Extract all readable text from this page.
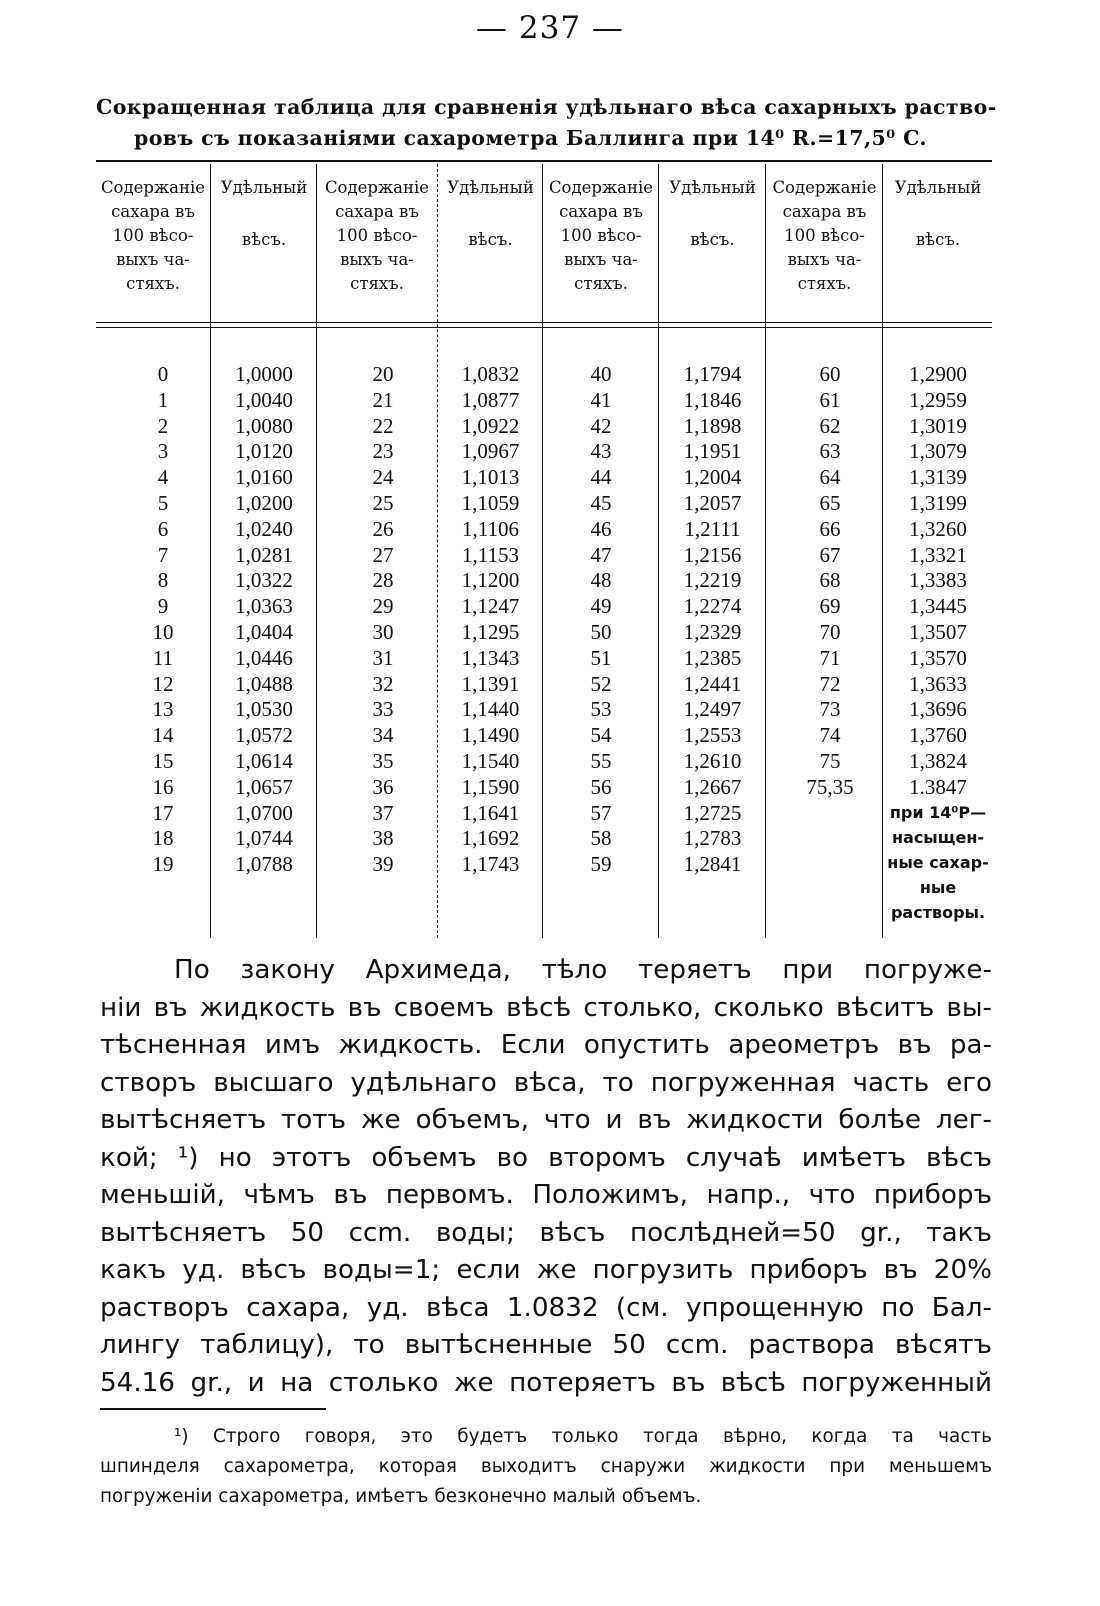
— 237 —
Сокращенная таблица для сравненія удѣльнаго вѣса сахарныхъ раство-
ровъ съ показаніями сахарометра Баллинга при 14⁰ R.=17,5⁰ C.
Содержаніе сахара въ 100 вѣсо- выхъ ча- стяхъ.
Удѣльный
вѣсъ.
Содержаніе сахара въ 100 вѣсо- выхъ ча- стяхъ.
Удѣльный
вѣсъ.
Содержаніе сахара въ 100 вѣсо- выхъ ча- стяхъ.
Удѣльный
вѣсъ.
Содержаніе сахара въ 100 вѣсо- выхъ ча- стяхъ.
Удѣльный
вѣсъ.
0
1
2
3
4
5
6
7
8
9
10
11
12
13
14
15
16
17
18
19
1,0000
1,0040
1,0080
1,0120
1,0160
1,0200
1,0240
1,0281
1,0322
1,0363
1,0404
1,0446
1,0488
1,0530
1,0572
1,0614
1,0657
1,0700
1,0744
1,0788
20
21
22
23
24
25
26
27
28
29
30
31
32
33
34
35
36
37
38
39
1,0832
1,0877
1,0922
1,0967
1,1013
1,1059
1,1106
1,1153
1,1200
1,1247
1,1295
1,1343
1,1391
1,1440
1,1490
1,1540
1,1590
1,1641
1,1692
1,1743
40
41
42
43
44
45
46
47
48
49
50
51
52
53
54
55
56
57
58
59
1,1794
1,1846
1,1898
1,1951
1,2004
1,2057
1,2111
1,2156
1,2219
1,2274
1,2329
1,2385
1,2441
1,2497
1,2553
1,2610
1,2667
1,2725
1,2783
1,2841
60
61
62
63
64
65
66
67
68
69
70
71
72
73
74
75
75,35
1,2900
1,2959
1,3019
1,3079
1,3139
1,3199
1,3260
1,3321
1,3383
1,3445
1,3507
1,3570
1,3633
1,3696
1,3760
1,3824
1.3847
при 14⁰Р—
насыщен-
ные сахар-
ные
растворы.
По закону Архимеда, тѣло теряетъ при погруже-
ніи въ жидкость въ своемъ вѣсѣ столько, сколько вѣситъ вы-
тѣсненная имъ жидкость. Если опустить ареометръ въ ра-
створъ высшаго удѣльнаго вѣса, то погруженная часть его
вытѣсняетъ тотъ же объемъ, что и въ жидкости болѣе лег-
кой; ¹) но этотъ объемъ во второмъ случаѣ имѣетъ вѣсъ
меньшій, чѣмъ въ первомъ. Положимъ, напр., что приборъ
вытѣсняетъ 50 ccm. воды; вѣсъ послѣдней=50 gr., такъ
какъ уд. вѣсъ воды=1; если же погрузить приборъ въ 20%
растворъ сахара, уд. вѣса 1.0832 (см. упрощенную по Бал-
лингу таблицу), то вытѣсненные 50 ccm. раствора вѣсятъ
54.16 gr., и на столько же потеряетъ въ вѣсѣ погруженный
¹) Строго говоря, это будетъ только тогда вѣрно, когда та часть
шпинделя сахарометра, которая выходитъ снаружи жидкости при меньшемъ
погруженіи сахарометра, имѣетъ безконечно малый объемъ.
